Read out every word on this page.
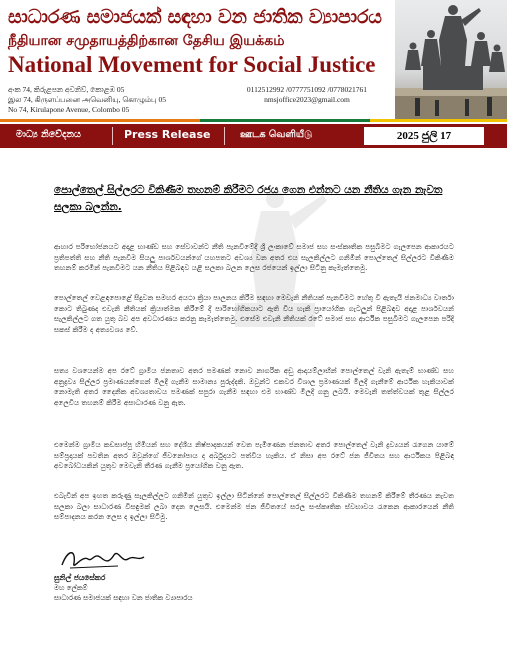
සාධාරණ සමාජයක් සඳහා වන ජාතික ව්‍යාපාරය
நீதியான சமுதாயத்திற்கான தேசிய இயக்கம்
National Movement for Social Justice
අංක 74, කිරුළපන අවනිව්, කොළඹ 05
இல 74, கிருளப்பனை அவெனியு, கொழும்பு 05
No 74, Kirulapone Avenue, Colombo 05
0112512992 /0777751092 /0778021761
nmsjoffice2023@gmail.com
මාධ්‍ය නිවේදනය	Press Release	ஊடக வெளியீடு	2025 ජුලි 17
පොල්තෙල් සිල්ලරට විකිණීම තහනම් කිරීමට රජය ගෙන එන්නට යන නීතිය ගැන නැවත සලකා බලන්න.
ආහාර පරිභෝජනයට අදාළ භාණ්ඩ සහ සේවාවන්ට නීති පැනවීමේදී ශ්‍රී ලංකාවේ සමාජ සහ සංස්කෘතික පසුබිමට ගැලපෙන ආකාරයට ප්‍රතිපත්ති සහ නීති පැනවීම සියලු පාර්ශවයන්ගේ යහපතට අවශ්‍ය වන අතර එය සැලකිල්ලට ගනිමින් පොල්තෙල් සිල්ලරට විකිණීම තහනම් කරමින් පැනවීමට යන නීතිය පිළිබඳව යළි සලකා බලන ලෙස රජයෙන් ඉල්ලා සිටිනු කැමැත්තෙමු.
පොල්තෙල් වෙළඳපොළේ සිදුවන සමහර අයථා ක්‍රියා පාලනය කිරීම සඳහා මෙවැනි නීතියක් පැනවීමට හේතු වී ඇතැයි ජනමාධ්‍ය වාර්තා කොට තිබුණද එවැනි නීතියක් ක්‍රියාත්මක කිරීමේ දී පාරිභෝගිකයාට ඇති විය හැකි ප්‍රායෝගික ගැටලුන් පිළිබඳව අදාළ පාර්ශවයන් සැලකිල්ලට ගත යුතු බව අප අවධාරණය කරනු කැමැත්තෙමු. එසේම එවැනි නීතියක් රටේ සමාජ සහ ආර්ථික පසුබිමට ගැලපෙන පරිදි සකස් කිරීම ද අත්‍යවශ්‍ය වේ.
සත්‍ය වශයෙන්ම අප රටේ ග්‍රාමීය ජනතාව අතර පමණක් නොව නාගරික අඩු ආදායම්ලාභීන් පොල්තෙල් වැනි ඇතැම් භාණ්ඩ සහ අනුද්‍රව්‍ය සිල්ලර ප්‍රමාණයන්ගෙන් මිලදී ගැනීම සාමාන්‍ය පුරුද්දකි. ඔවුන්ට එකවර විශාල ප්‍රමාණයක් මිලදී ගැනීමේ ආර්ථික හැකියාවක් නොමැති අතර දෛනික අවශ්‍යතාවය පමණක් සපුරා ගැනීම සඳහා එම භාණ්ඩ මිලදී ගනු ලබයි. මෙවැනි තත්ත්වයක් තුළ සිල්ලර අලෙවිය තහනම් කිරීම අසාධාරණ වනු ඇත.
එමෙන්ම ග්‍රාමීය කඩසාප්පු හිමියන් සහ දේශීය නිෂ්පාදකයන් වෙත පැමිණෙන ජනතාව අතර පොල්තෙල් වැනි ද්‍රව්‍යයන් රැගෙන යාමේ සම්ප්‍රදායක් පවතින අතර ඔවුන්ගේ ජීවනෝපාය ද අර්බුදයට පත්විය හැකිය. ඒ නිසා අප රටේ ජන ජීවිතය සහ ආර්ථිකය පිළිබඳ අවබෝධයකින් යුතුව මෙවැනි තීරණ ගැනීම ප්‍රයෝගික වනු ඇත.
එබැවින් අප ඉහත කරුණු සැලකිල්ලට ගනිමින් යුතුව ඉල්ලා සිටින්නේ පොල්තෙල් සිල්ලරට විකිණීම තහනම් කිරීමේ තීරණය නැවත සලකා බලා සාධාරණ විසඳුමක් ලබා දෙන ලෙසයි. එමෙන්ම ජන ජීවිතයේ සරල සංස්කෘතික ස්වභාවය රැකෙන ආකාරයෙන් නීති සම්පාදනය කරන ලෙස ද ඉල්ලා සිටිමු.
සුනිල් ජයසේකර
මහ ලේකම්
සාධාරණ සමාජයක් සඳහා වන ජාතික ව්‍යාපාරය
